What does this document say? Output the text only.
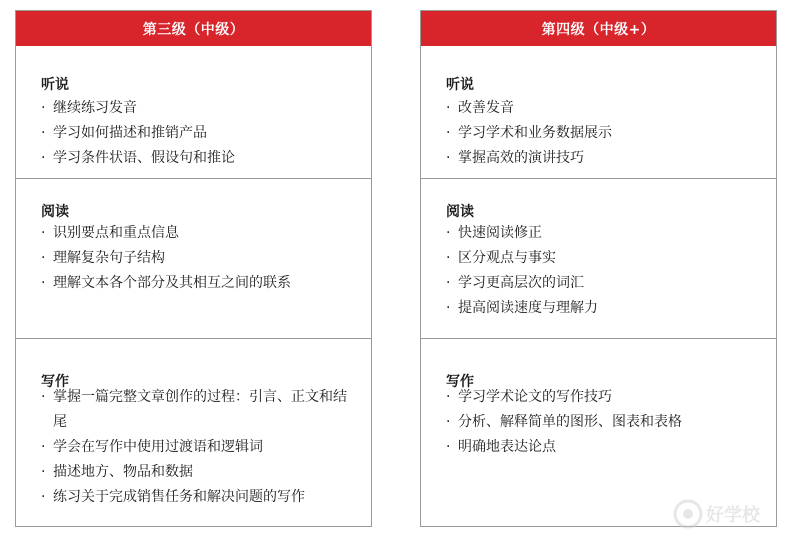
第三级（中级）
听说
· 继续练习发音
· 学习如何描述和推销产品
· 学习条件状语、假设句和推论
阅读
· 识别要点和重点信息
· 理解复杂句子结构
· 理解文本各个部分及其相互之间的联系
写作
· 掌握一篇完整文章创作的过程：引言、正文和结尾
· 学会在写作中使用过渡语和逻辑词
· 描述地方、物品和数据
· 练习关于完成销售任务和解决问题的写作
第四级（中级+）
听说
· 改善发音
· 学习学术和业务数据展示
· 掌握高效的演讲技巧
阅读
· 快速阅读修正
· 区分观点与事实
· 学习更高层次的词汇
· 提高阅读速度与理解力
写作
· 学习学术论文的写作技巧
· 分析、解释简单的图形、图表和表格
· 明确地表达论点
好学校
